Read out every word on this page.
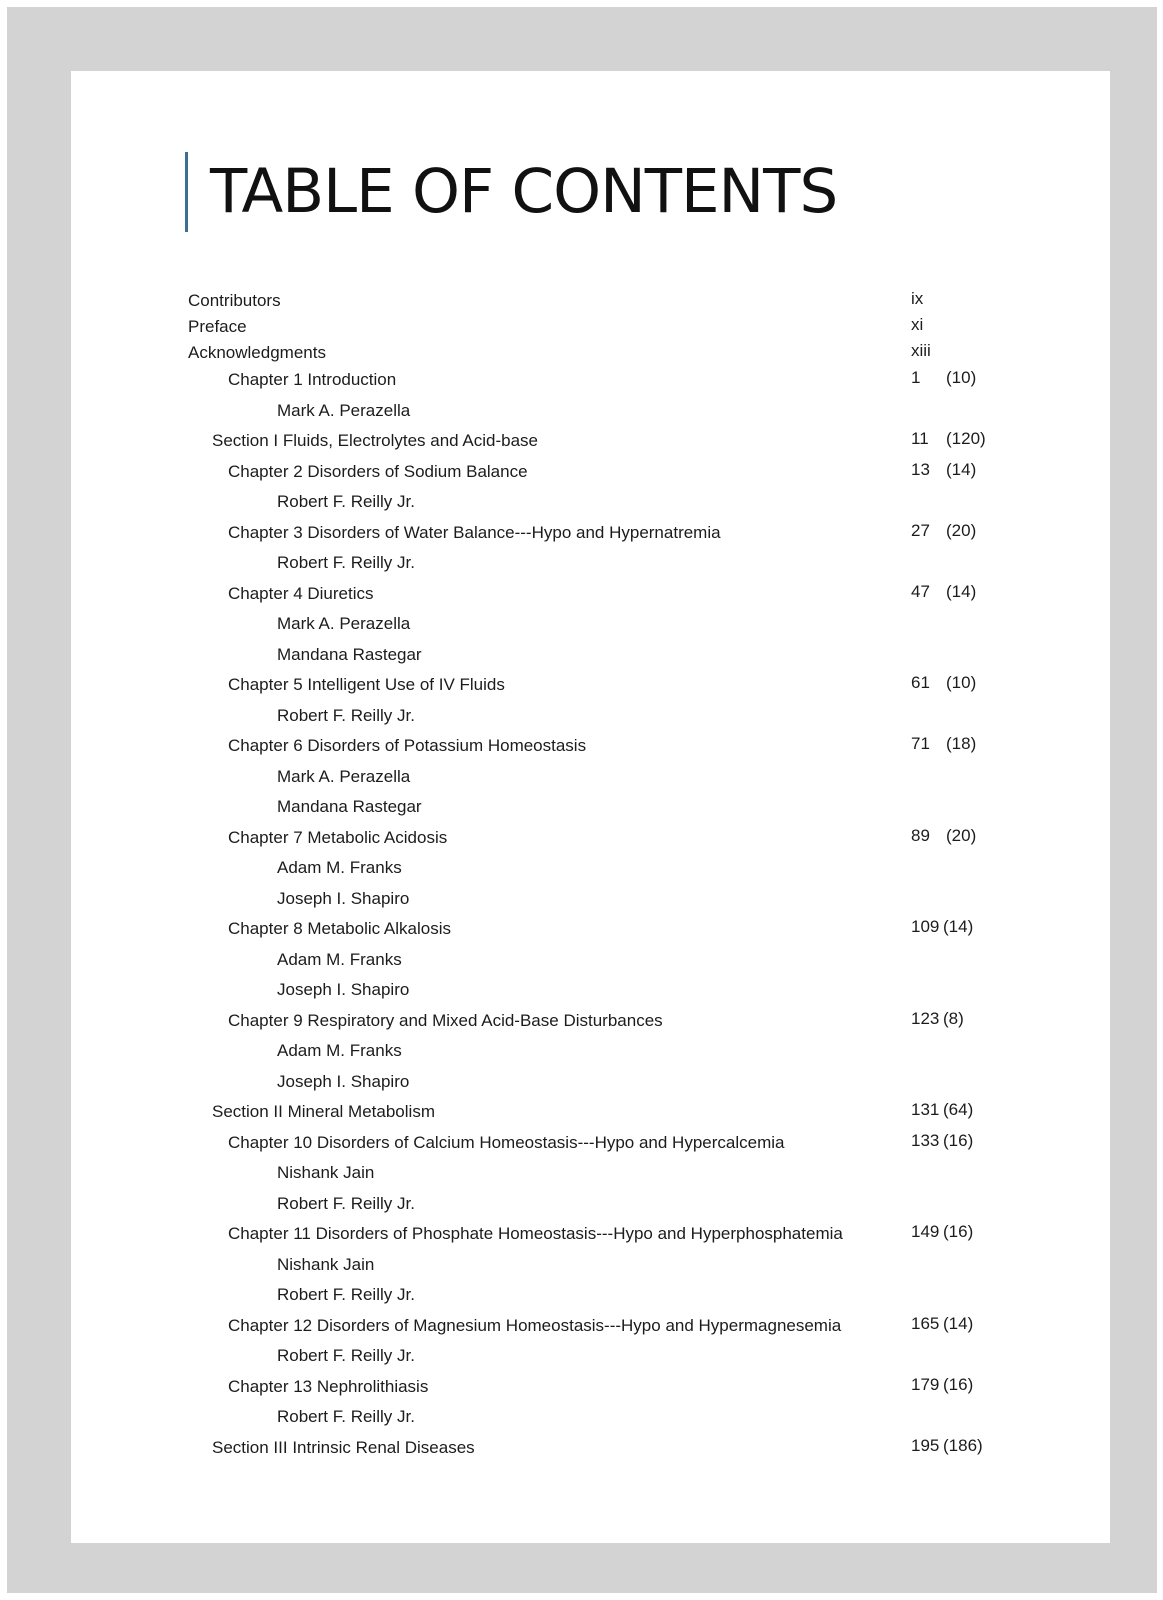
TABLE OF CONTENTS
Contributors	ix
Preface	xi
Acknowledgments	xiii
Chapter 1 Introduction	1 (10)
Mark A. Perazella
Section I Fluids, Electrolytes and Acid-base	11 (120)
Chapter 2 Disorders of Sodium Balance	13 (14)
Robert F. Reilly Jr.
Chapter 3 Disorders of Water Balance---Hypo and Hypernatremia	27 (20)
Robert F. Reilly Jr.
Chapter 4 Diuretics	47 (14)
Mark A. Perazella
Mandana Rastegar
Chapter 5 Intelligent Use of IV Fluids	61 (10)
Robert F. Reilly Jr.
Chapter 6 Disorders of Potassium Homeostasis	71 (18)
Mark A. Perazella
Mandana Rastegar
Chapter 7 Metabolic Acidosis	89 (20)
Adam M. Franks
Joseph I. Shapiro
Chapter 8 Metabolic Alkalosis	109 (14)
Adam M. Franks
Joseph I. Shapiro
Chapter 9 Respiratory and Mixed Acid-Base Disturbances	123 (8)
Adam M. Franks
Joseph I. Shapiro
Section II Mineral Metabolism	131 (64)
Chapter 10 Disorders of Calcium Homeostasis---Hypo and Hypercalcemia	133 (16)
Nishank Jain
Robert F. Reilly Jr.
Chapter 11 Disorders of Phosphate Homeostasis---Hypo and Hyperphosphatemia	149 (16)
Nishank Jain
Robert F. Reilly Jr.
Chapter 12 Disorders of Magnesium Homeostasis---Hypo and Hypermagnesemia	165 (14)
Robert F. Reilly Jr.
Chapter 13 Nephrolithiasis	179 (16)
Robert F. Reilly Jr.
Section III Intrinsic Renal Diseases	195 (186)
